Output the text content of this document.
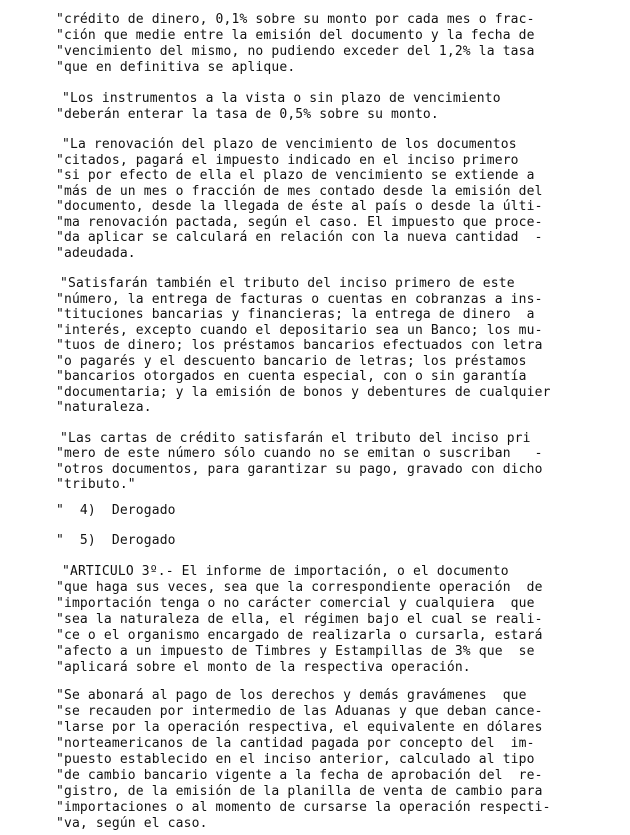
"crédito de dinero, 0,1% sobre su monto por cada mes o frac-
"ción que medie entre la emisión del documento y la fecha de
"vencimiento del mismo, no pudiendo exceder del 1,2% la tasa
"que en definitiva se aplique.
"Los instrumentos a la vista o sin plazo de vencimiento
"deberán enterar la tasa de 0,5% sobre su monto.
"La renovación del plazo de vencimiento de los documentos
"citados, pagará el impuesto indicado en el inciso primero
"si por efecto de ella el plazo de vencimiento se extiende a
"más de un mes o fracción de mes contado desde la emisión del
"documento, desde la llegada de éste al país o desde la últi-
"ma renovación pactada, según el caso. El impuesto que proce-
"da aplicar se calculará en relación con la nueva cantidad  -
"adeudada.
"Satisfarán también el tributo del inciso primero de este
"número, la entrega de facturas o cuentas en cobranzas a ins-
"tituciones bancarias y financieras; la entrega de dinero  a
"interés, excepto cuando el depositario sea un Banco; los mu-
"tuos de dinero; los préstamos bancarios efectuados con letra
"o pagarés y el descuento bancario de letras; los préstamos
"bancarios otorgados en cuenta especial, con o sin garantía
"documentaria; y la emisión de bonos y debentures de cualquier
"naturaleza.
"Las cartas de crédito satisfarán el tributo del inciso pri
"mero de este número sólo cuando no se emitan o suscriban   -
"otros documentos, para garantizar su pago, gravado con dicho
"tributo."
"  4)  Derogado
"  5)  Derogado
"ARTICULO 3º.- El informe de importación, o el documento
"que haga sus veces, sea que la correspondiente operación  de
"importación tenga o no carácter comercial y cualquiera  que
"sea la naturaleza de ella, el régimen bajo el cual se reali-
"ce o el organismo encargado de realizarla o cursarla, estará
"afecto a un impuesto de Timbres y Estampillas de 3% que  se
"aplicará sobre el monto de la respectiva operación.
"Se abonará al pago de los derechos y demás gravámenes  que
"se recauden por intermedio de las Aduanas y que deban cance-
"larse por la operación respectiva, el equivalente en dólares
"norteamericanos de la cantidad pagada por concepto del  im-
"puesto establecido en el inciso anterior, calculado al tipo
"de cambio bancario vigente a la fecha de aprobación del  re-
"gistro, de la emisión de la planilla de venta de cambio para
"importaciones o al momento de cursarse la operación respecti-
"va, según el caso.
